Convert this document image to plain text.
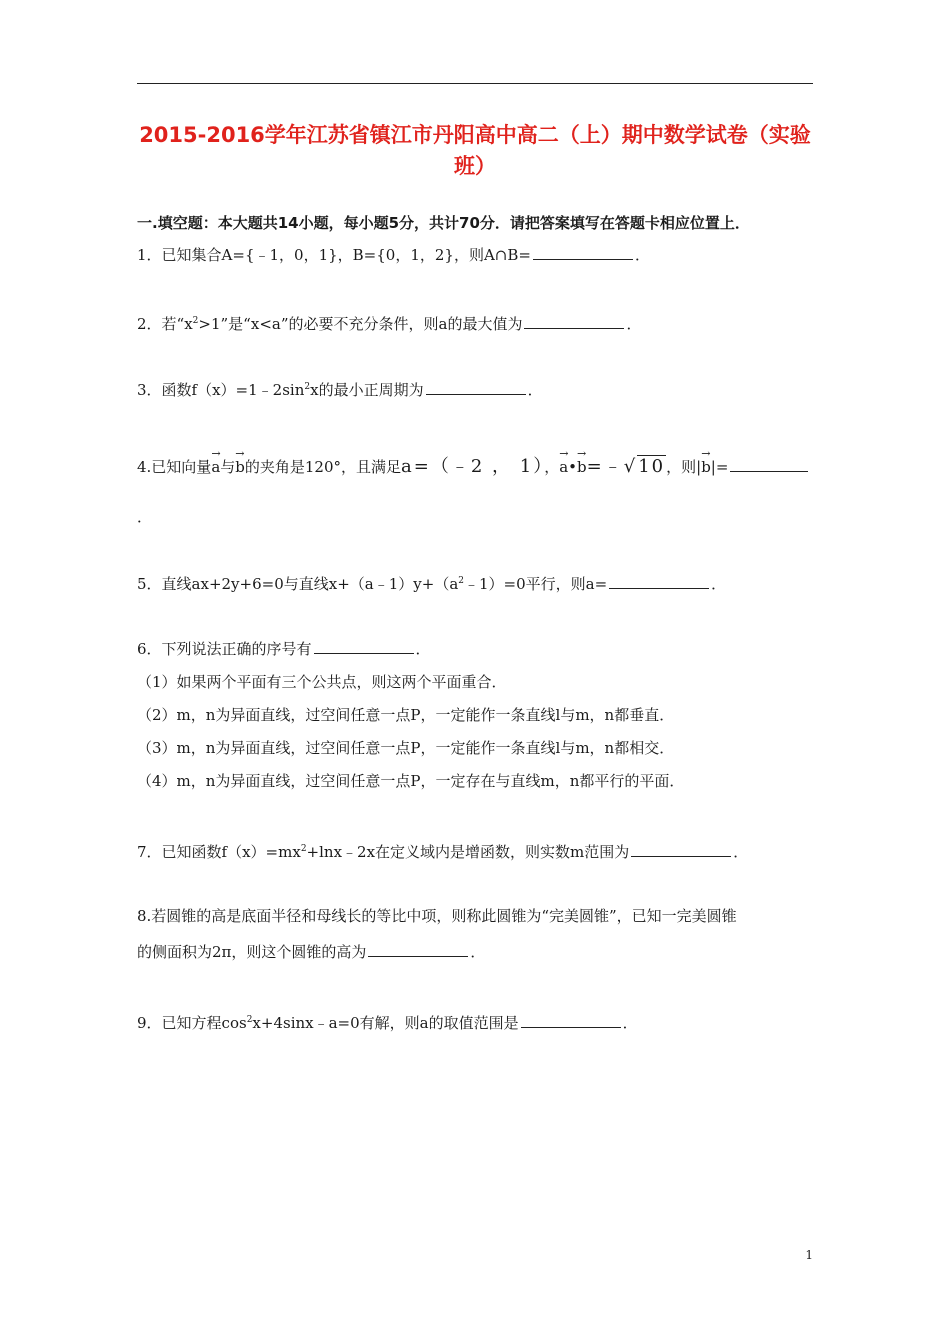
2015-2016学年江苏省镇江市丹阳高中高二（上）期中数学试卷（实验
班）
一.填空题：本大题共14小题，每小题5分，共计70分．请把答案填写在答题卡相应位置上．
1．已知集合A={﹣1，0，1}，B={0，1，2}，则A∩B=	．
2．若“$x^2>1$”是“x<a”的必要不充分条件，则a的最大值为	．
3．函数$f(x)=1﹣2\sin^2x$的最小正周期为	．
4.已知向量→ a与→ b的夹角是120°，且满足a=（﹣2 ， 1），→ a•→ b=﹣√10，则|→ b|=
．
5．直线ax+2y+6=0与直线$x+(a﹣1)y+(a^2﹣1)=0$平行，则a=	．
6．下列说法正确的序号有	．
（1）如果两个平面有三个公共点，则这两个平面重合．
（2）m，n为异面直线，过空间任意一点P，一定能作一条直线l与m，n都垂直．
（3）m，n为异面直线，过空间任意一点P，一定能作一条直线l与m，n都相交．
（4）m，n为异面直线，过空间任意一点P，一定存在与直线m，n都平行的平面．
7．已知函数$f(x)=mx^2+\ln x﹣2x$在定义域内是增函数，则实数m范围为	．
8.若圆锥的高是底面半径和母线长的等比中项，则称此圆锥为“完美圆锥”，已知一完美圆锥
的侧面积为2π，则这个圆锥的高为	．
9．已知方程$\cos^2x+4\sin x﹣a=0$有解，则a的取值范围是	．
1
